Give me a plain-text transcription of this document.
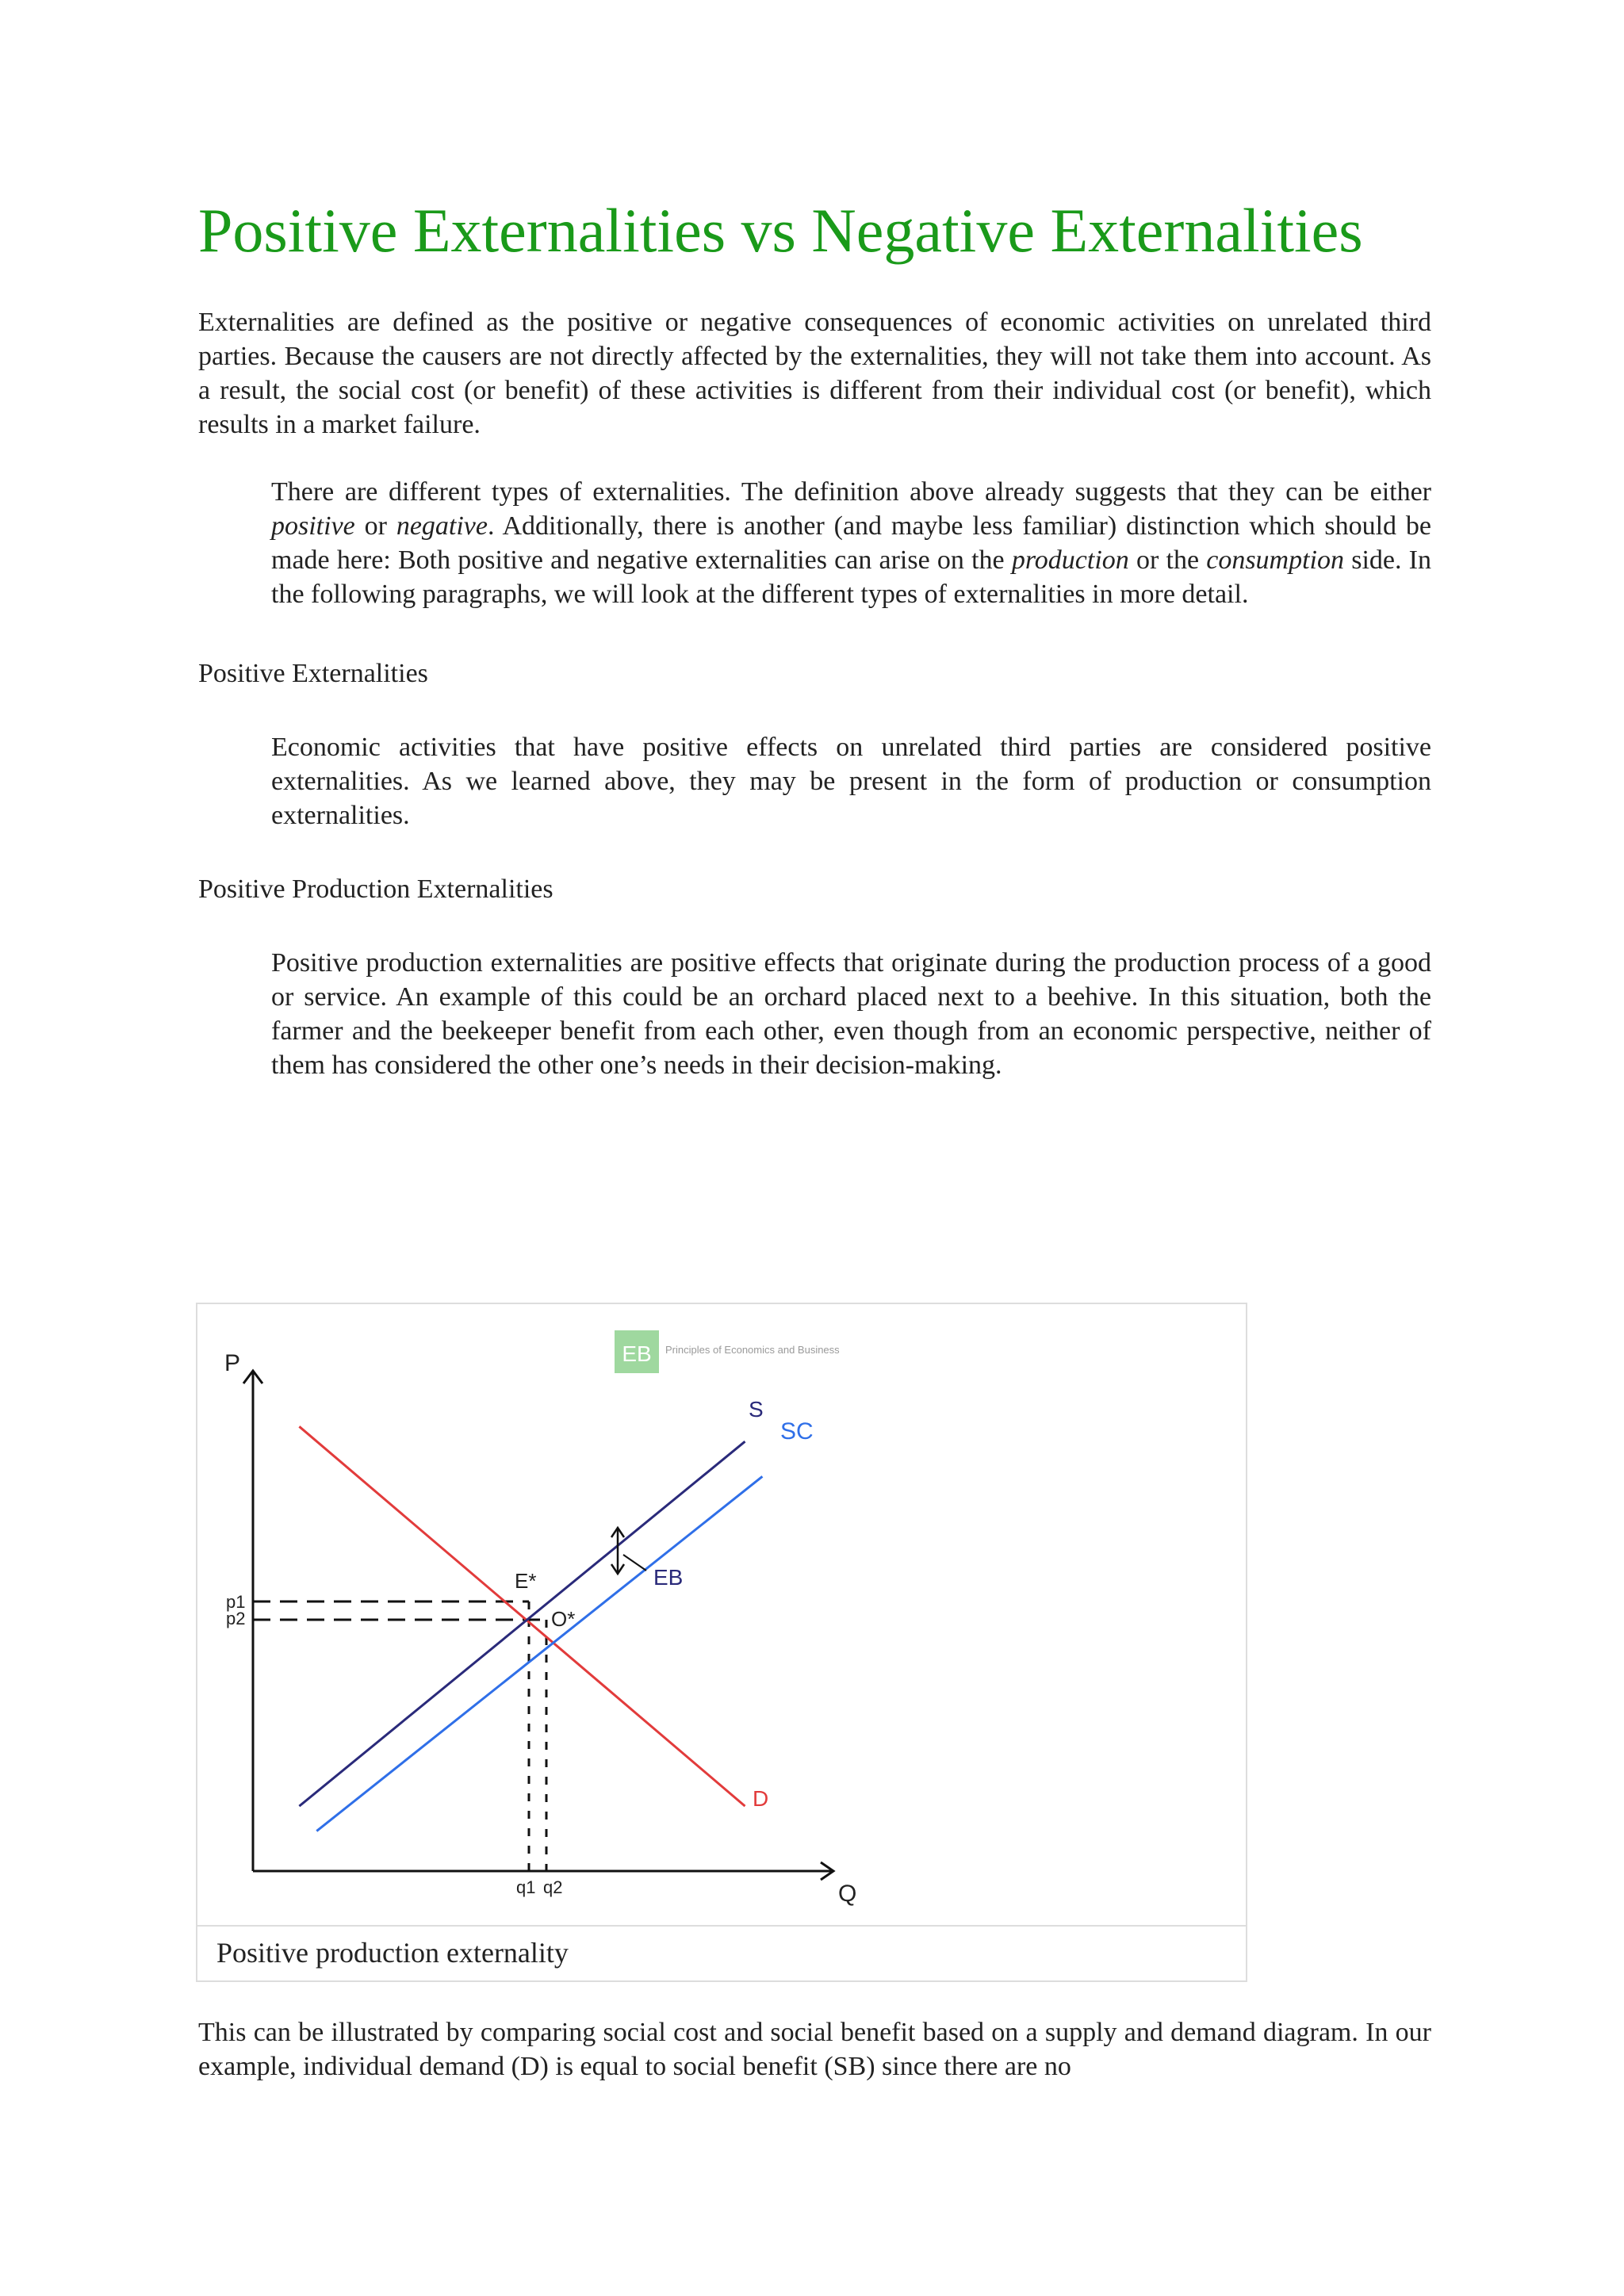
Positive Externalities vs Negative Externalities

Externalities are defined as the positive or negative consequences of economic activities on unrelated third parties. Because the causers are not directly affected by the externalities, they will not take them into account. As a result, the social cost (or benefit) of these activities is different from their individual cost (or benefit), which results in a market failure.

There are different types of externalities. The definition above already suggests that they can be either positive or negative. Additionally, there is another (and maybe less familiar) distinction which should be made here: Both positive and negative externalities can arise on the production or the consumption side. In the following paragraphs, we will look at the different types of externalities in more detail.

Positive Externalities

Economic activities that have positive effects on unrelated third parties are considered positive externalities. As we learned above, they may be present in the form of production or consumption externalities.

Positive Production Externalities

Positive production externalities are positive effects that originate during the production process of a good or service. An example of this could be an orchard placed next to a beehive. In this situation, both the farmer and the beekeeper benefit from each other, even though from an economic perspective, neither of them has considered the other one’s needs in their decision-making.

EB Principles of Economics and Business
P
Q
S
SC
D
E*
O*
EB
p1
p2
q1 q2
Positive production externality

This can be illustrated by comparing social cost and social benefit based on a supply and demand diagram. In our example, individual demand (D) is equal to social benefit (SB) since there are no
